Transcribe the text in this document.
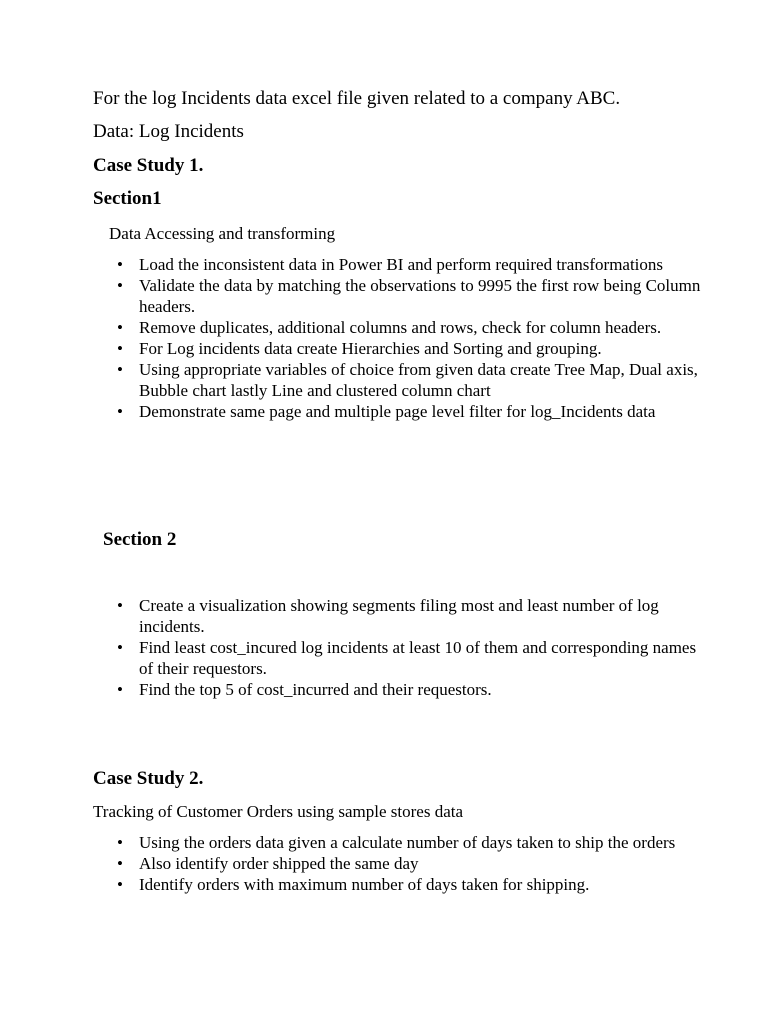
For the log Incidents data excel file given related to a company ABC.

Data: Log Incidents

Case Study 1.

Section1

Data Accessing and transforming

• Load the inconsistent data in Power BI and perform required transformations
• Validate the data by matching the observations to 9995 the first row being Column headers.
• Remove duplicates, additional columns and rows, check for column headers.
• For Log incidents data create Hierarchies and Sorting and grouping.
• Using appropriate variables of choice from given data create Tree Map, Dual axis, Bubble chart lastly Line and clustered column chart
• Demonstrate same page and multiple page level filter for log_Incidents data

Section 2

• Create a visualization showing segments filing most and least number of log incidents.
• Find least cost_incured log incidents at least 10 of them and corresponding names of their requestors.
• Find the top 5 of cost_incurred and their requestors.

Case Study 2.

Tracking of Customer Orders using sample stores data

• Using the orders data given a calculate number of days taken to ship the orders
• Also identify order shipped the same day
• Identify orders with maximum number of days taken for shipping.
